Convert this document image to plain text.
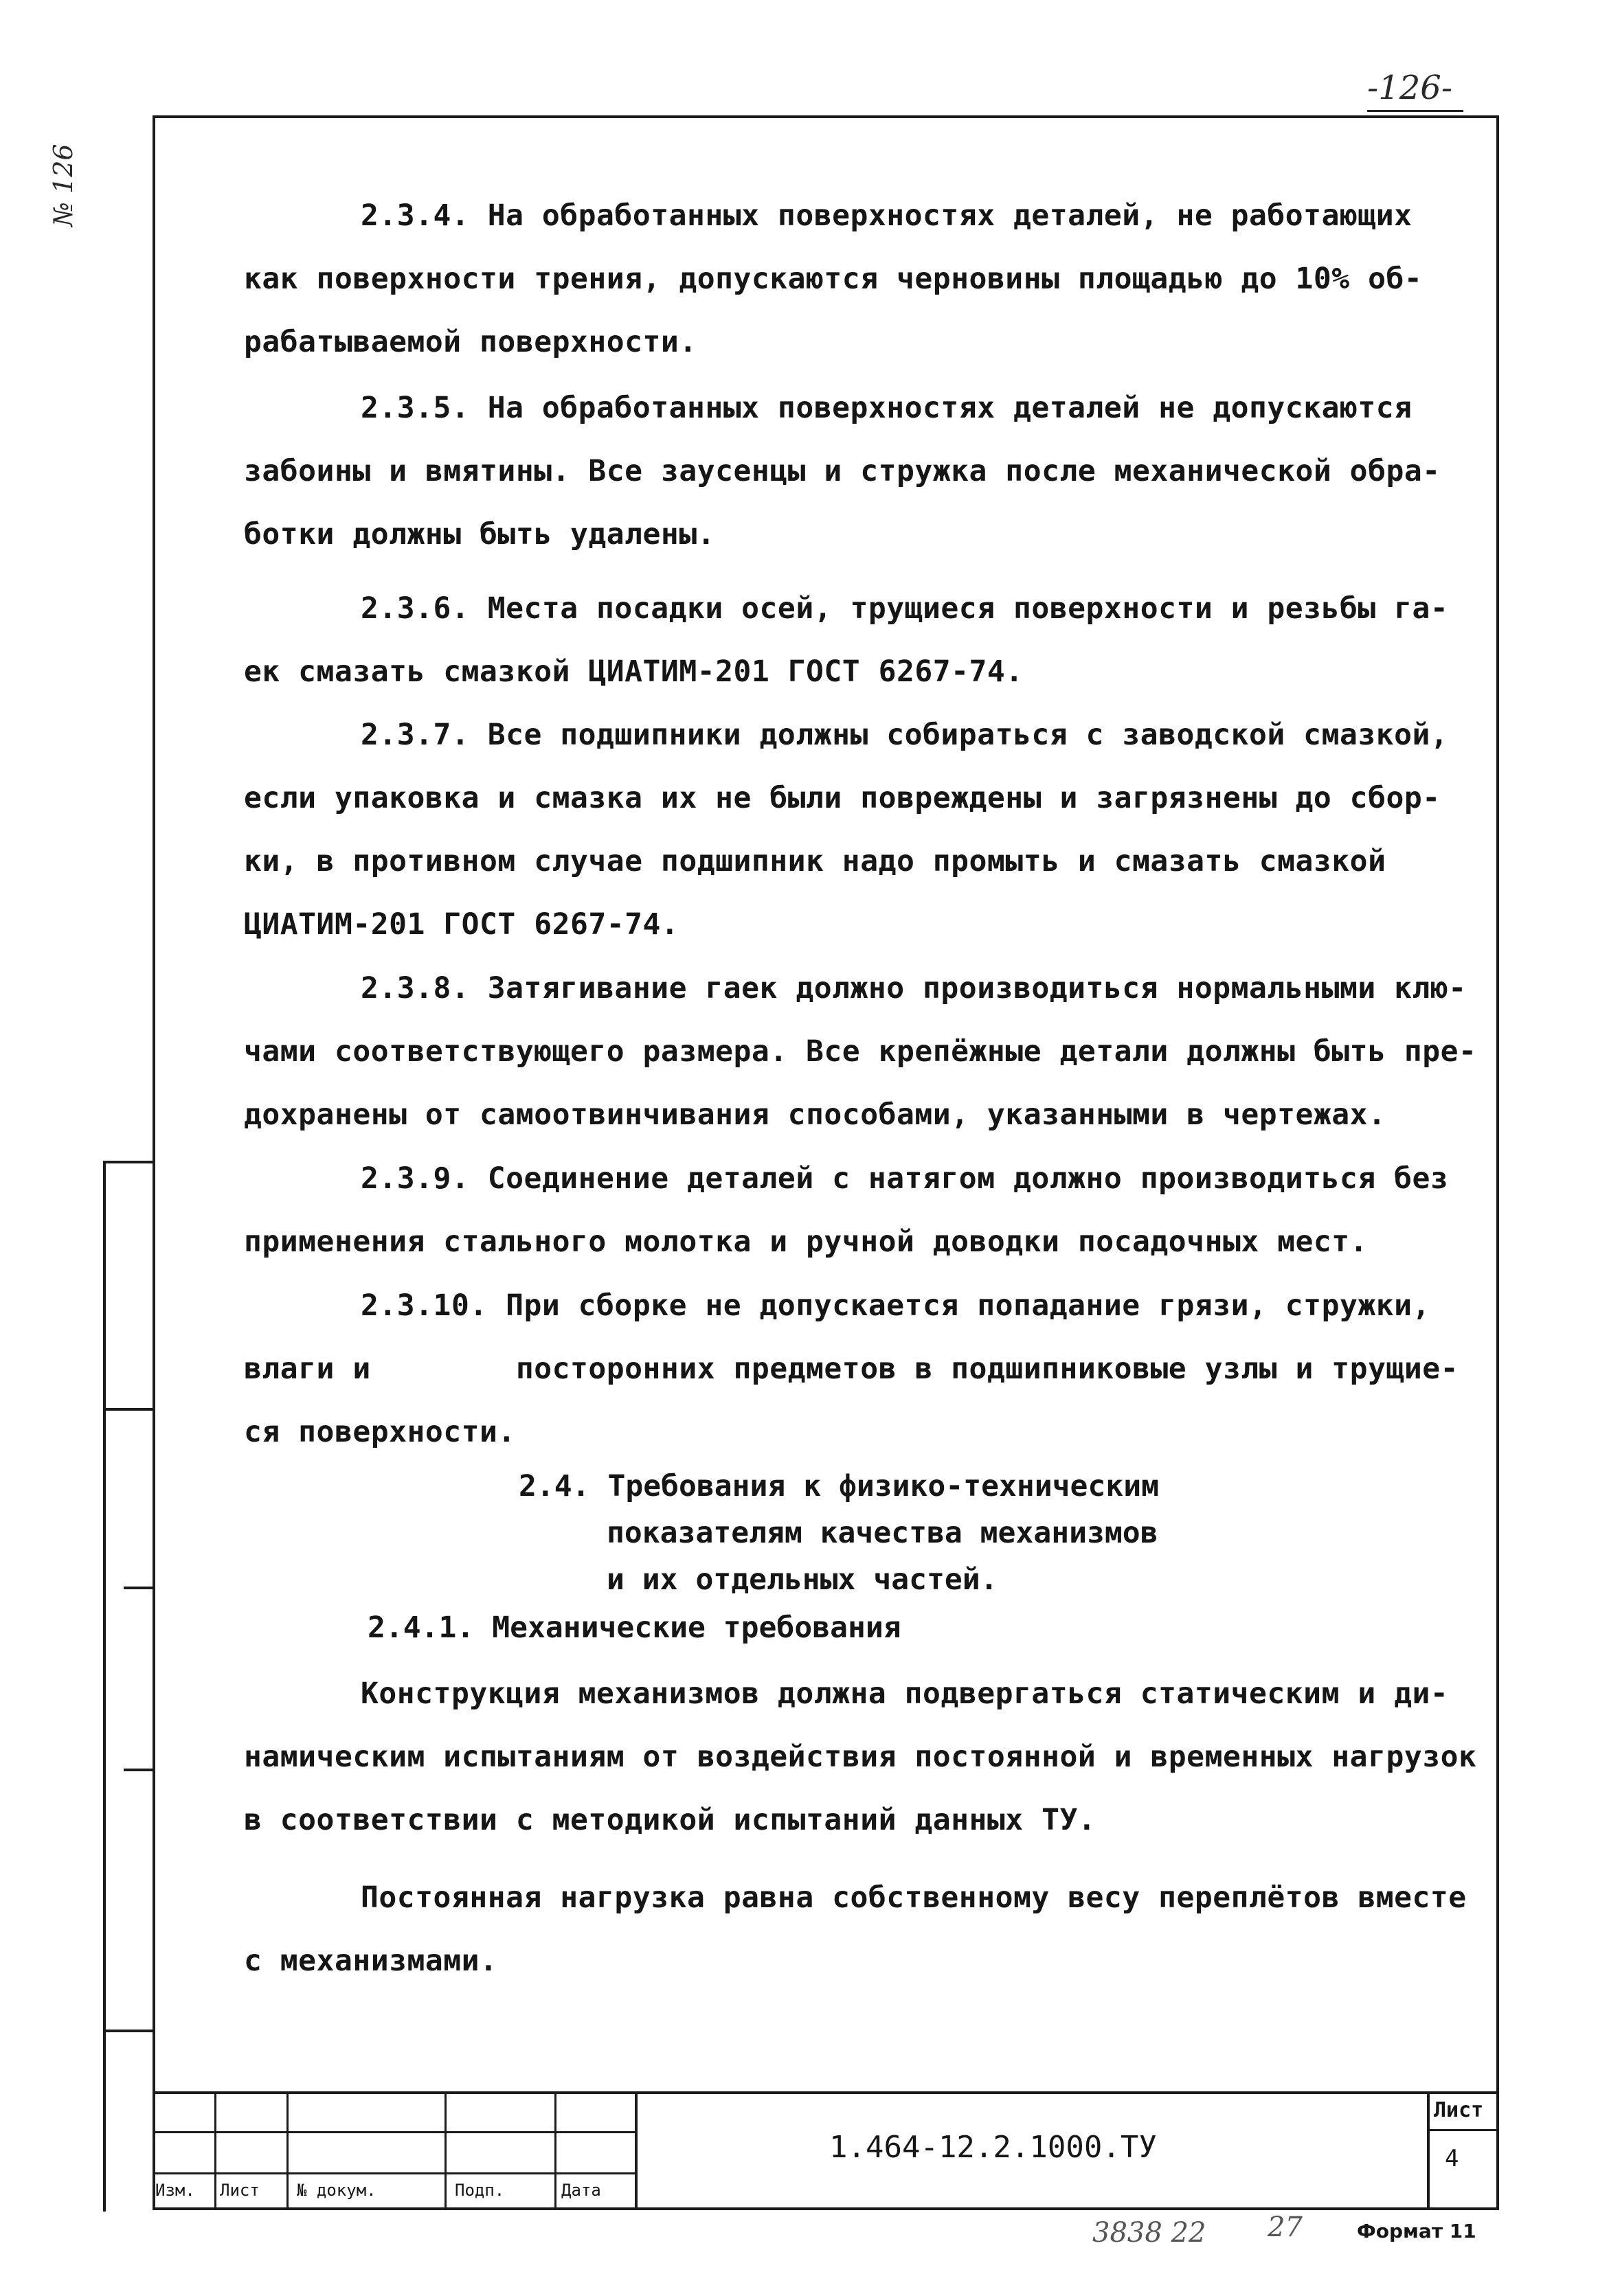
-126-
№ 126	2.3.4. На обработанных поверхностях деталей, не работающих
как поверхности трения, допускаются черновины площадью до 10% об-
рабатываемой поверхности.
2.3.5. На обработанных поверхностях деталей не допускаются
забоины и вмятины. Все заусенцы и стружка после механической обра-
ботки должны быть удалены.
2.3.6. Места посадки осей, трущиеся поверхности и резьбы га-
ек смазать смазкой ЦИАТИМ-201 ГОСТ 6267-74.
2.3.7. Все подшипники должны собираться с заводской смазкой,
если упаковка и смазка их не были повреждены и загрязнены до сбор-
ки, в противном случае подшипник надо промыть и смазать смазкой
ЦИАТИМ-201 ГОСТ 6267-74.
2.3.8. Затягивание гаек должно производиться нормальными клю-
чами соответствующего размера. Все крепёжные детали должны быть пре-
дохранены от самоотвинчивания способами, указанными в чертежах.
2.3.9. Соединение деталей с натягом должно производиться без
применения стального молотка и ручной доводки посадочных мест.
2.3.10. При сборке не допускается попадание грязи, стружки,
влаги и        посторонних предметов в подшипниковые узлы и трущие-
ся поверхности.
2.4. Требования к физико-техническим
показателям качества механизмов
и их отдельных частей.
2.4.1. Механические требования
Конструкция механизмов должна подвергаться статическим и ди-
намическим испытаниям от воздействия постоянной и временных нагрузок
в соответствии с методикой испытаний данных ТУ.
Постоянная нагрузка равна собственному весу переплётов вместе
с механизмами.
Изм. Лист № докум.	Подп.	Дата
1.464-12.2.1000.ТУ
Лист
4
3838 22 27	Формат 11
